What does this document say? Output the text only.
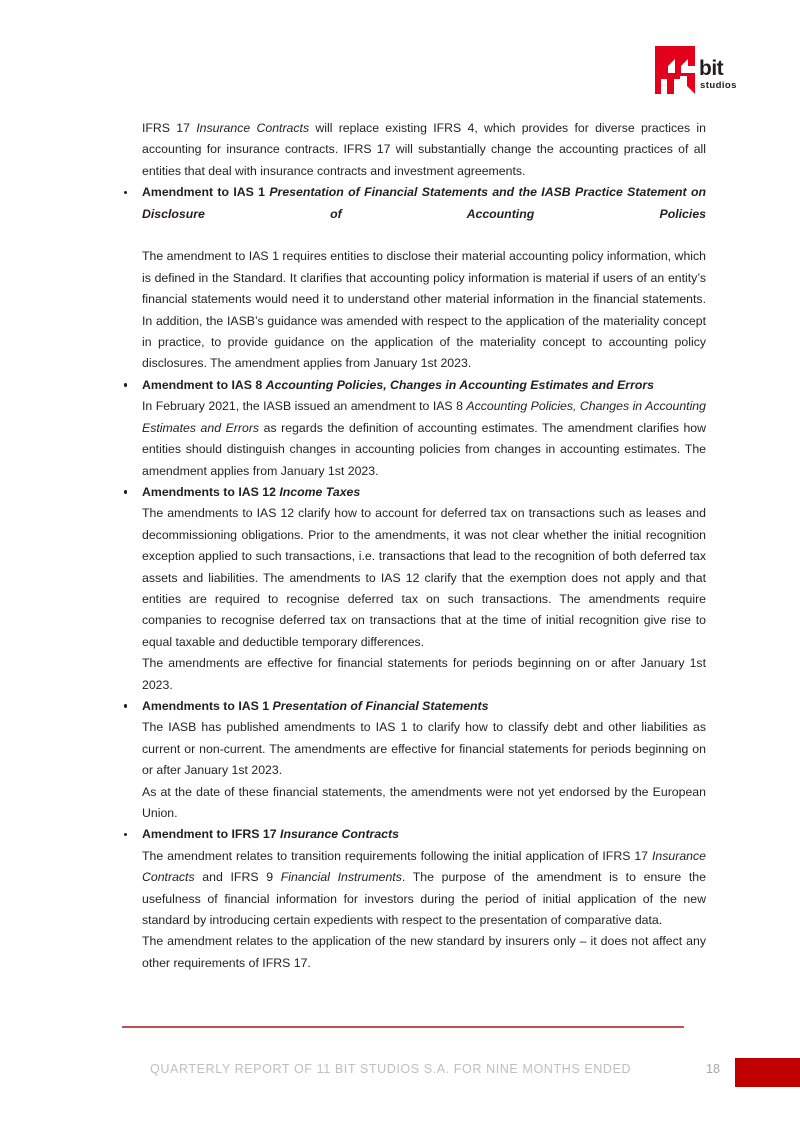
bit
studios

IFRS 17 Insurance Contracts will replace existing IFRS 4, which provides for diverse practices in accounting for insurance contracts. IFRS 17 will substantially change the accounting practices of all entities that deal with insurance contracts and investment agreements.

Amendment to IAS 1 Presentation of Financial Statements and the IASB Practice Statement on Disclosure of Accounting Policies

The amendment to IAS 1 requires entities to disclose their material accounting policy information, which is defined in the Standard. It clarifies that accounting policy information is material if users of an entity’s financial statements would need it to understand other material information in the financial statements. In addition, the IASB’s guidance was amended with respect to the application of the materiality concept in practice, to provide guidance on the application of the materiality concept to accounting policy disclosures. The amendment applies from January 1st 2023.

Amendment to IAS 8 Accounting Policies, Changes in Accounting Estimates and Errors

In February 2021, the IASB issued an amendment to IAS 8 Accounting Policies, Changes in Accounting Estimates and Errors as regards the definition of accounting estimates. The amendment clarifies how entities should distinguish changes in accounting policies from changes in accounting estimates. The amendment applies from January 1st 2023.

Amendments to IAS 12 Income Taxes

The amendments to IAS 12 clarify how to account for deferred tax on transactions such as leases and decommissioning obligations. Prior to the amendments, it was not clear whether the initial recognition exception applied to such transactions, i.e. transactions that lead to the recognition of both deferred tax assets and liabilities. The amendments to IAS 12 clarify that the exemption does not apply and that entities are required to recognise deferred tax on such transactions. The amendments require companies to recognise deferred tax on transactions that at the time of initial recognition give rise to equal taxable and deductible temporary differences.

The amendments are effective for financial statements for periods beginning on or after January 1st 2023.

Amendments to IAS 1 Presentation of Financial Statements

The IASB has published amendments to IAS 1 to clarify how to classify debt and other liabilities as current or non-current. The amendments are effective for financial statements for periods beginning on or after January 1st 2023.

As at the date of these financial statements, the amendments were not yet endorsed by the European Union.

Amendment to IFRS 17 Insurance Contracts

The amendment relates to transition requirements following the initial application of IFRS 17 Insurance Contracts and IFRS 9 Financial Instruments. The purpose of the amendment is to ensure the usefulness of financial information for investors during the period of initial application of the new standard by introducing certain expedients with respect to the presentation of comparative data.

The amendment relates to the application of the new standard by insurers only – it does not affect any other requirements of IFRS 17.

QUARTERLY REPORT OF 11 BIT STUDIOS S.A. FOR NINE MONTHS ENDED	18
